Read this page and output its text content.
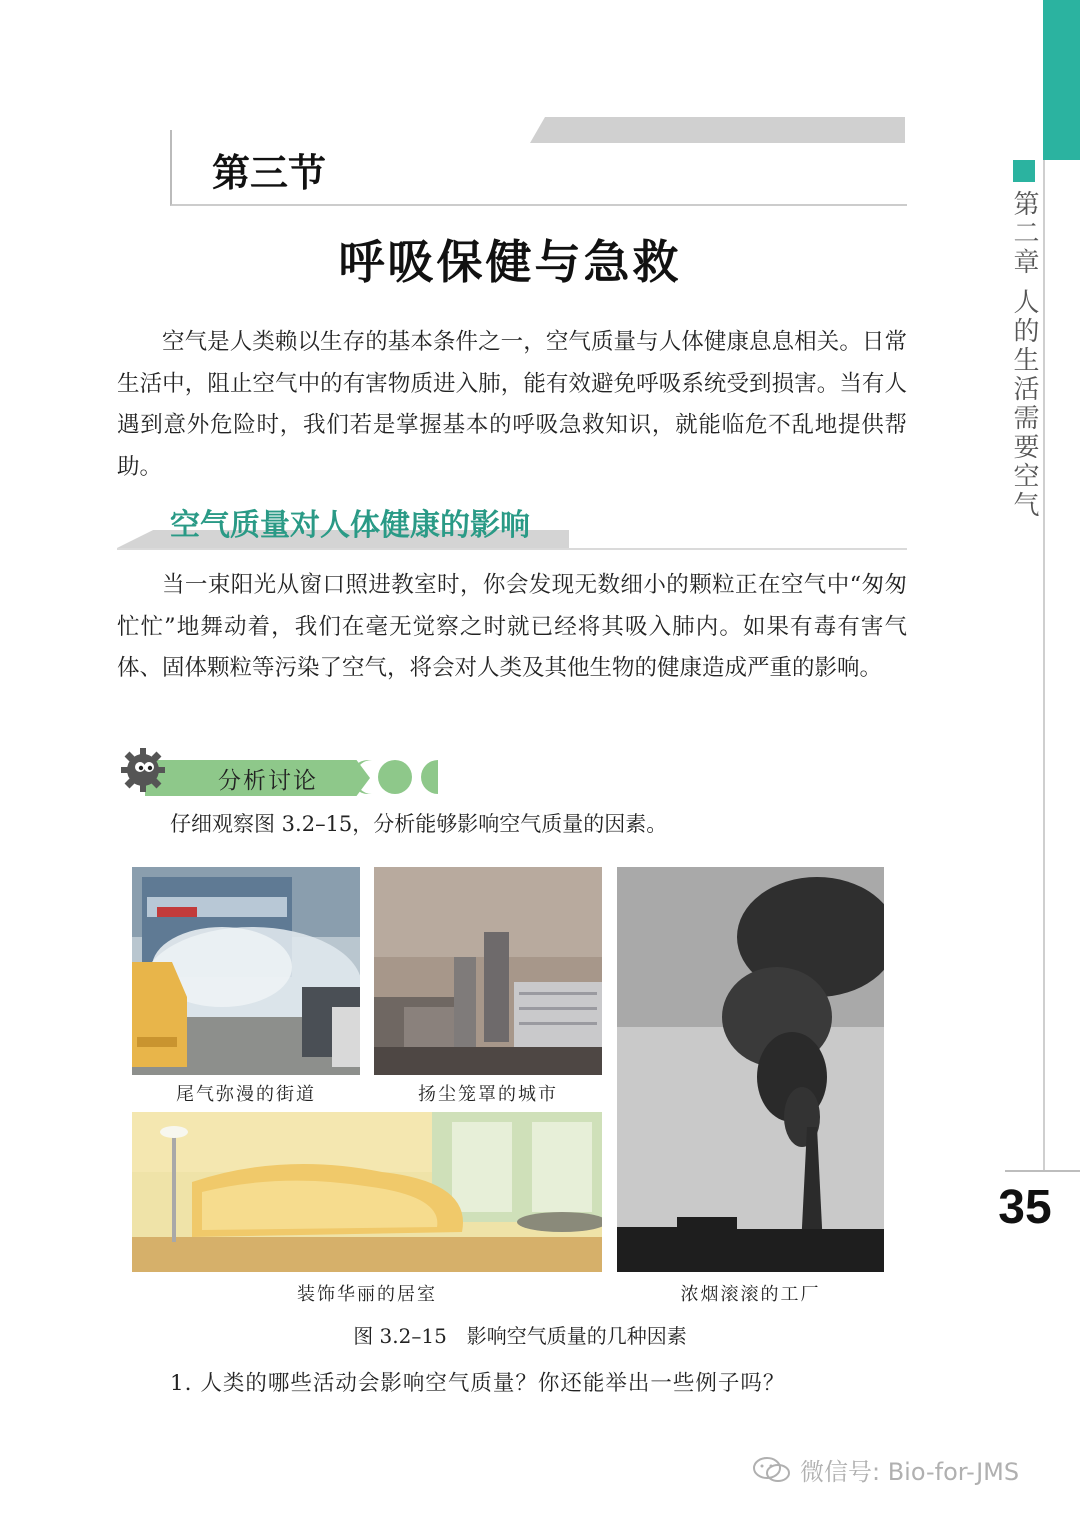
第二章 人的生活需要空气
35
第三节
呼吸保健与急救
空气是人类赖以生存的基本条件之一，空气质量与人体健康息息相关。日常生活中，阻止空气中的有害物质进入肺，能有效避免呼吸系统受到损害。当有人遇到意外危险时，我们若是掌握基本的呼吸急救知识，就能临危不乱地提供帮助。
空气质量对人体健康的影响
当一束阳光从窗口照进教室时，你会发现无数细小的颗粒正在空气中“匆匆忙忙”地舞动着，我们在毫无觉察之时就已经将其吸入肺内。如果有毒有害气体、固体颗粒等污染了空气，将会对人类及其他生物的健康造成严重的影响。
分析讨论
仔细观察图 3.2–15，分析能够影响空气质量的因素。
尾气弥漫的街道	扬尘笼罩的城市
装饰华丽的居室	浓烟滚滚的工厂
图 3.2–15　影响空气质量的几种因素
1. 人类的哪些活动会影响空气质量？你还能举出一些例子吗？
微信号: Bio-for-JMS
